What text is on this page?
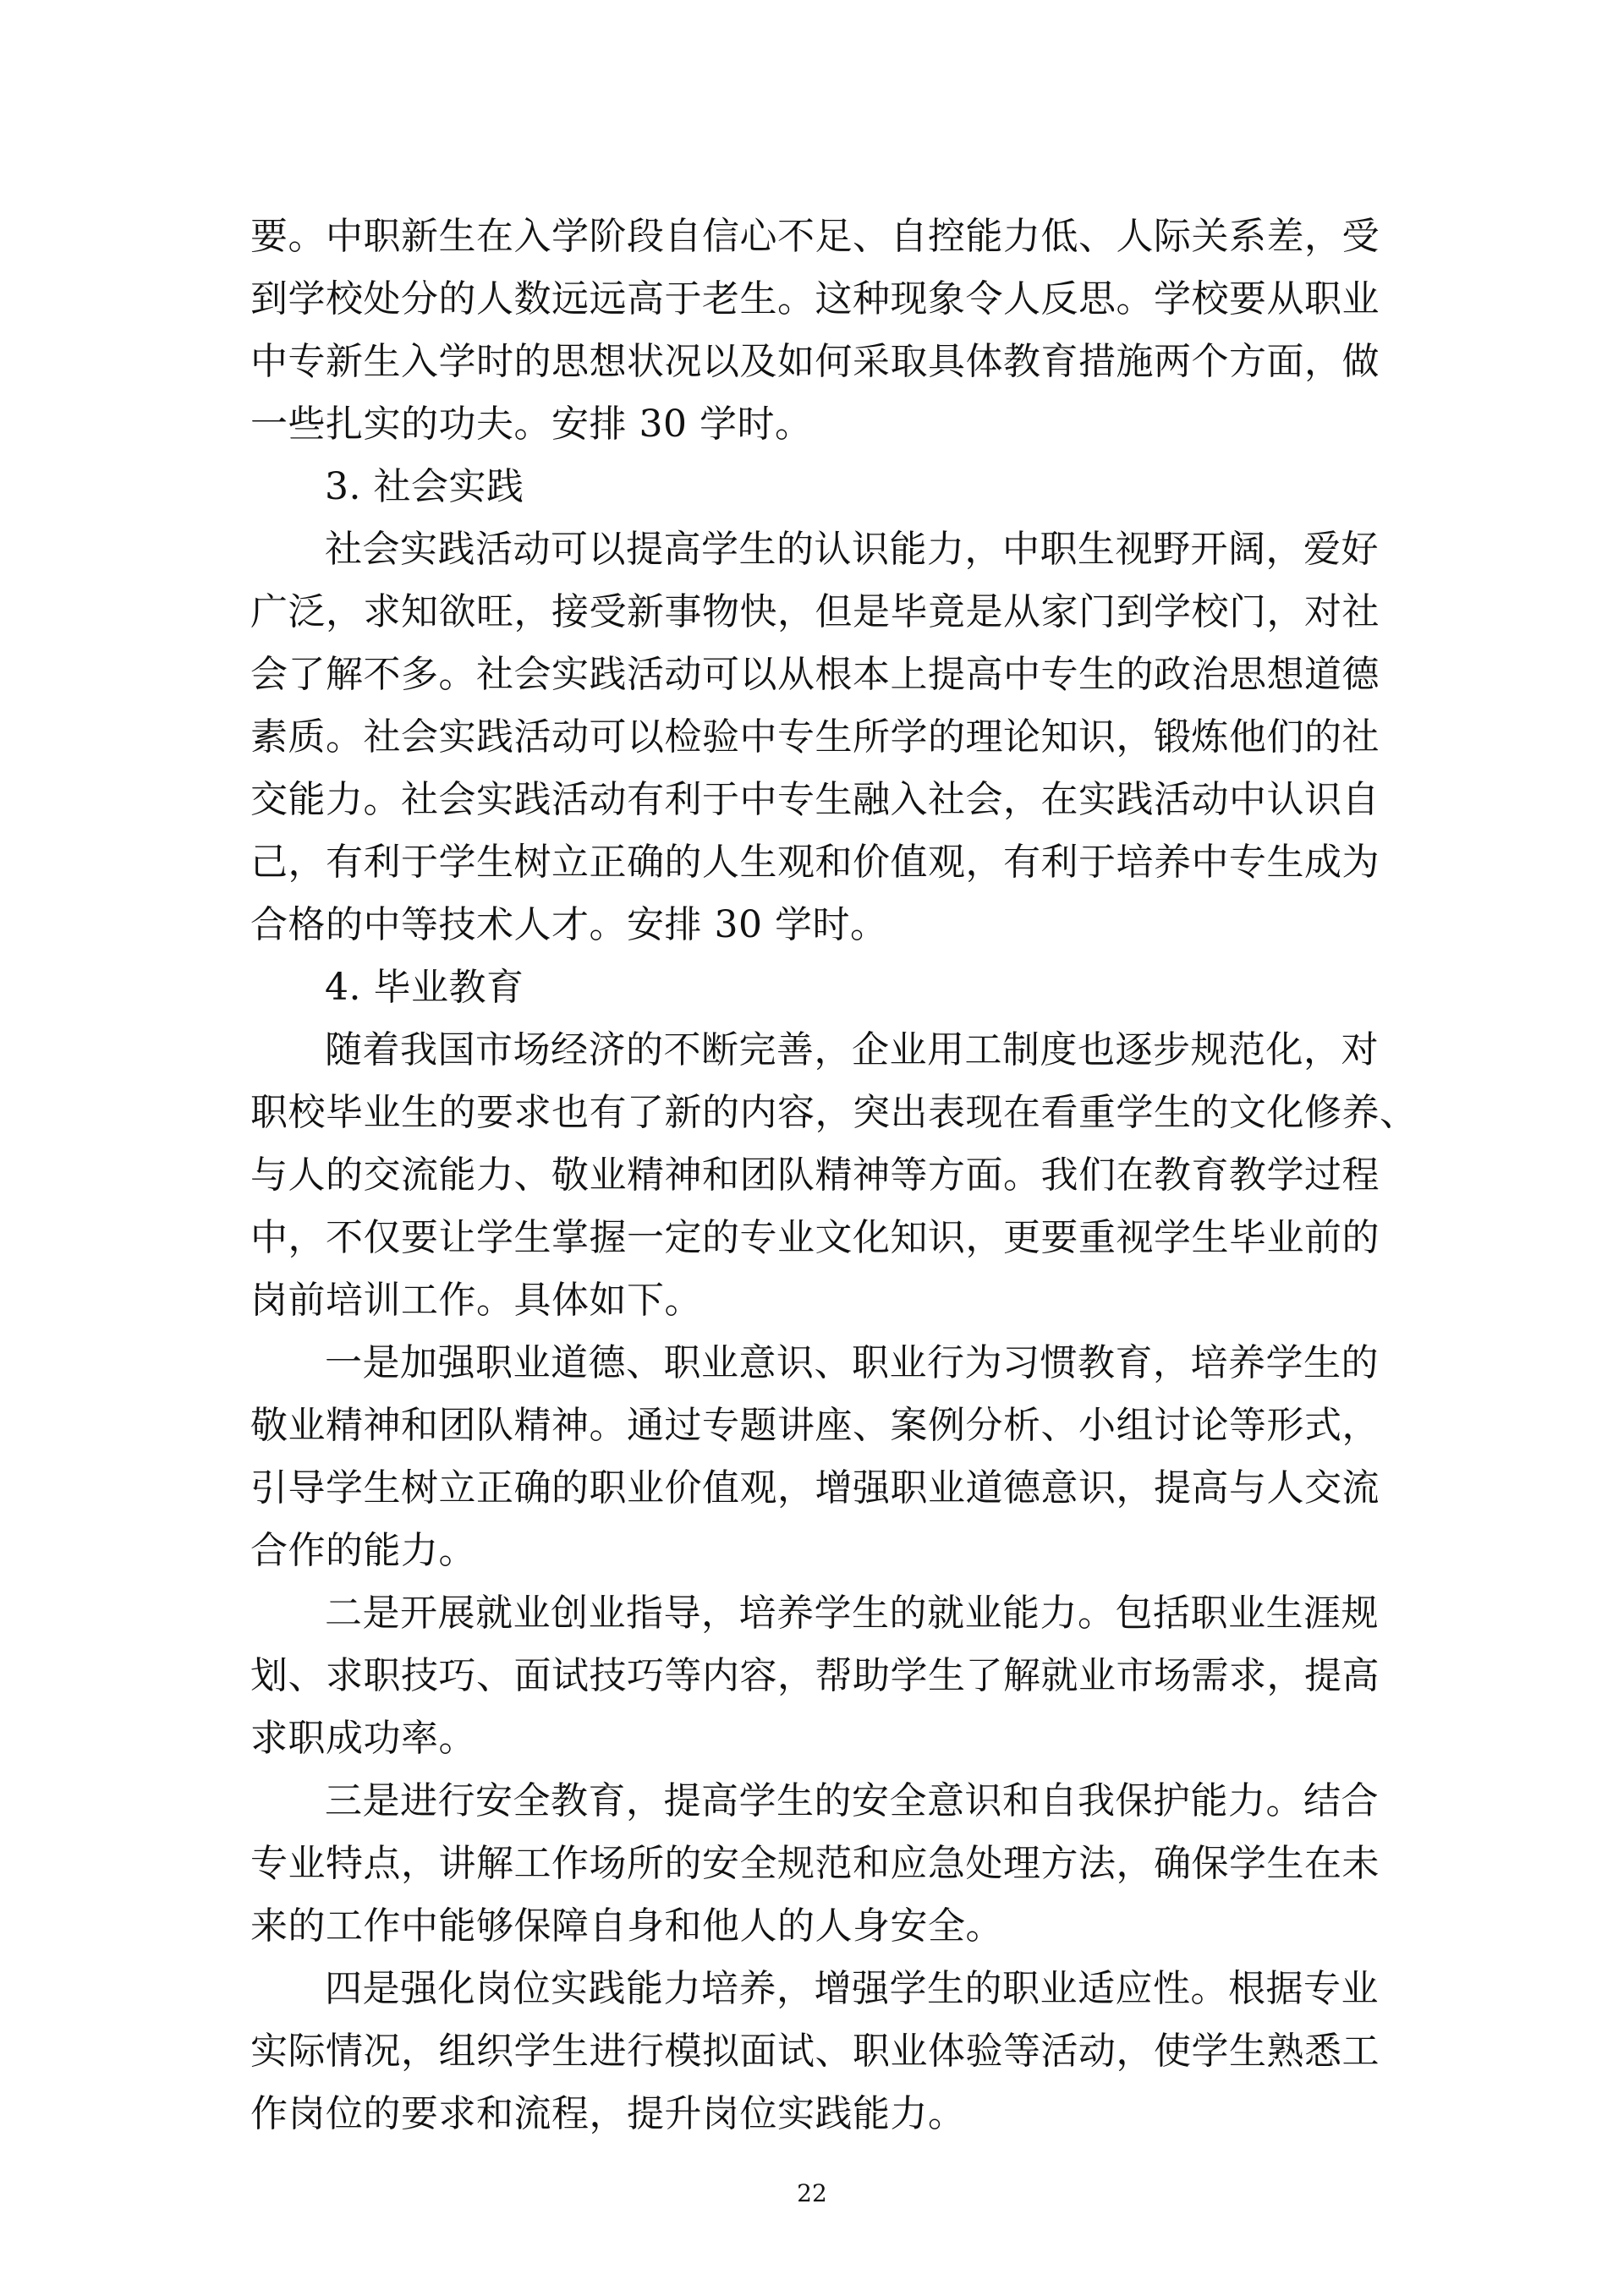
要。中职新生在入学阶段自信心不足、自控能力低、人际关系差，受
到学校处分的人数远远高于老生。这种现象令人反思。学校要从职业
中专新生入学时的思想状况以及如何采取具体教育措施两个方面，做
一些扎实的功夫。安排 30 学时。
3. 社会实践
社会实践活动可以提高学生的认识能力，中职生视野开阔，爱好
广泛，求知欲旺，接受新事物快，但是毕竟是从家门到学校门，对社
会了解不多。社会实践活动可以从根本上提高中专生的政治思想道德
素质。社会实践活动可以检验中专生所学的理论知识，锻炼他们的社
交能力。社会实践活动有利于中专生融入社会，在实践活动中认识自
己，有利于学生树立正确的人生观和价值观，有利于培养中专生成为
合格的中等技术人才。安排 30 学时。
4. 毕业教育
随着我国市场经济的不断完善，企业用工制度也逐步规范化，对
职校毕业生的要求也有了新的内容，突出表现在看重学生的文化修养、
与人的交流能力、敬业精神和团队精神等方面。我们在教育教学过程
中，不仅要让学生掌握一定的专业文化知识，更要重视学生毕业前的
岗前培训工作。具体如下。
一是加强职业道德、职业意识、职业行为习惯教育，培养学生的
敬业精神和团队精神。通过专题讲座、案例分析、小组讨论等形式，
引导学生树立正确的职业价值观，增强职业道德意识，提高与人交流
合作的能力。
二是开展就业创业指导，培养学生的就业能力。包括职业生涯规
划、求职技巧、面试技巧等内容，帮助学生了解就业市场需求，提高
求职成功率。
三是进行安全教育，提高学生的安全意识和自我保护能力。结合
专业特点，讲解工作场所的安全规范和应急处理方法，确保学生在未
来的工作中能够保障自身和他人的人身安全。
四是强化岗位实践能力培养，增强学生的职业适应性。根据专业
实际情况，组织学生进行模拟面试、职业体验等活动，使学生熟悉工
作岗位的要求和流程，提升岗位实践能力。
22
